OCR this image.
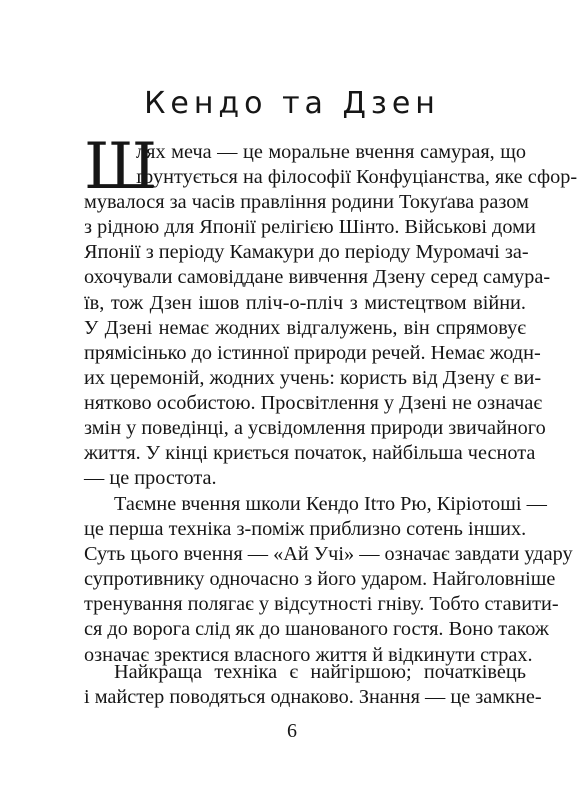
Кендо та Дзен
Ш
лях меча — це моральне вчення самурая, що
ґрунтується на філософії Конфуціанства, яке сфор-
мувалося за часів правління родини Токуґава разом
з рідною для Японії релігією Шінто. Військові доми
Японії з періоду Камакури до періоду Муромачі за-
охочували самовіддане вивчення Дзену серед самура-
їв, тож Дзен ішов пліч-о-пліч з мистецтвом війни.
У Дзені немає жодних відгалужень, він спрямовує
прямісінько до істинної природи речей. Немає жодн-
их церемоній, жодних учень: користь від Дзену є ви-
нятково особистою. Просвітлення у Дзені не означає
змін у поведінці, а усвідомлення природи звичайного
життя. У кінці криється початок, найбільша чеснота
— це простота.
Таємне вчення школи Кендо Itто Рю, Кіріотоші —
це перша техніка з-поміж приблизно сотень інших.
Суть цього вчення — «Ай Учі» — означає завдати удару
супротивнику одночасно з його ударом. Найголовніше
тренування полягає у відсутності гніву. Тобто ставити-
ся до ворога слід як до шанованого гостя. Воно також
означає зректися власного життя й відкинути страх.
Найкраща техніка є найгіршою; початківець
і майстер поводяться однаково. Знання — це замкне-
6
